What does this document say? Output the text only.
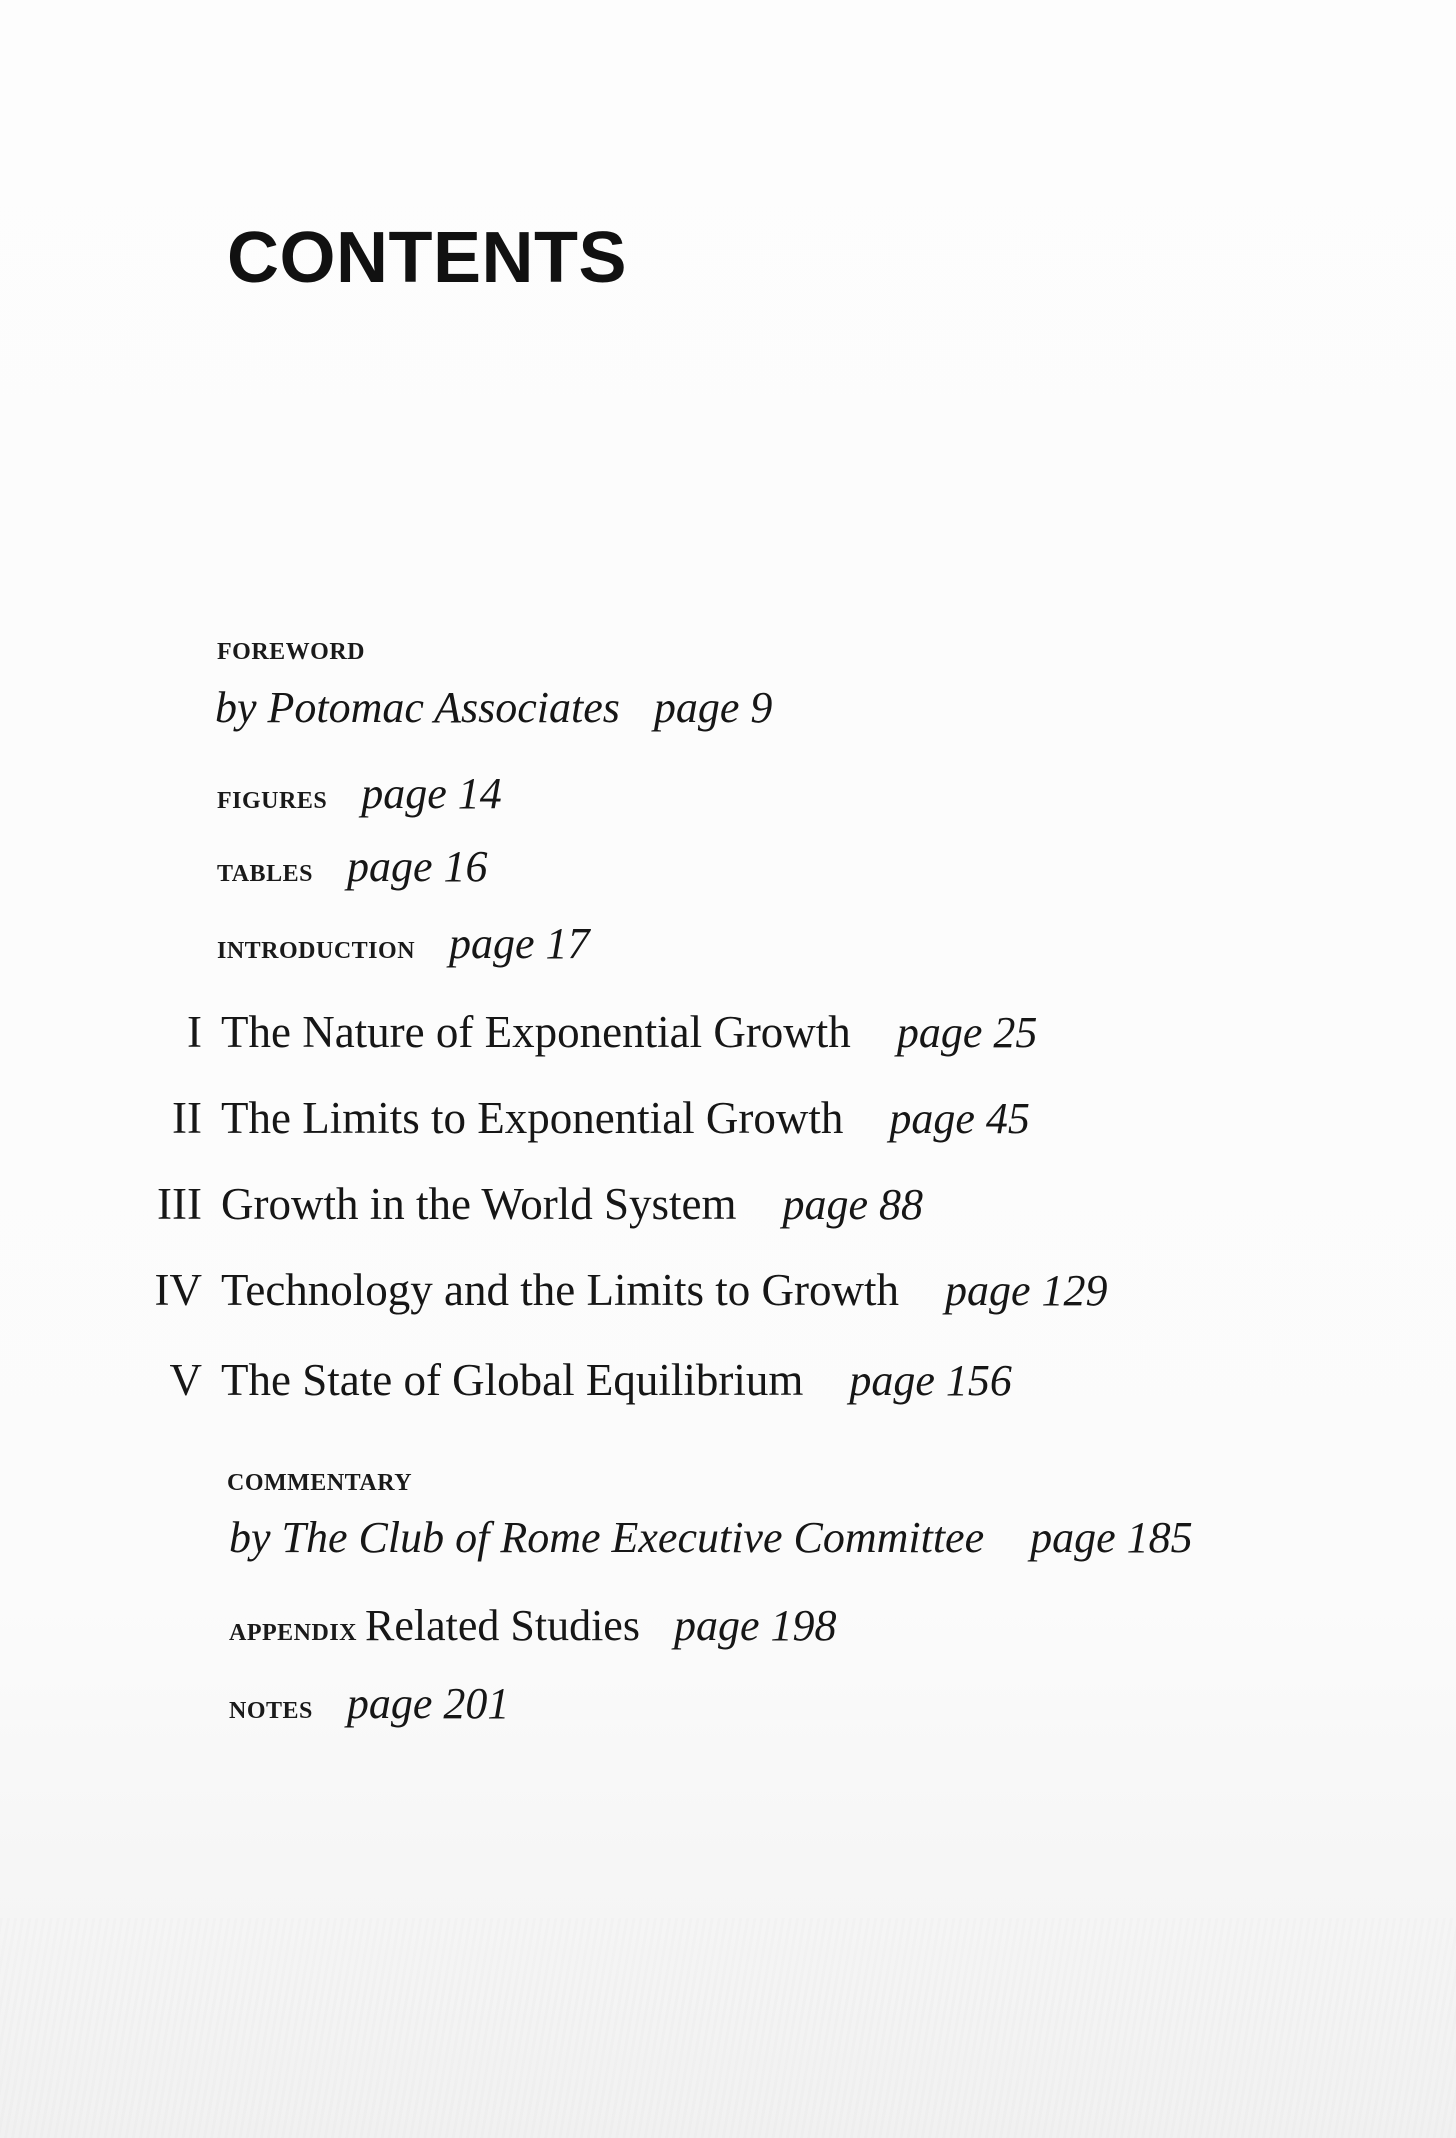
CONTENTS
foreword
by Potomac Associates page 9
figures page 14
tables page 16
introduction page 17
I The Nature of Exponential Growth page 25
II The Limits to Exponential Growth page 45
III Growth in the World System page 88
IV Technology and the Limits to Growth page 129
V The State of Global Equilibrium page 156
commentary
by The Club of Rome Executive Committee page 185
appendix Related Studies page 198
notes page 201
